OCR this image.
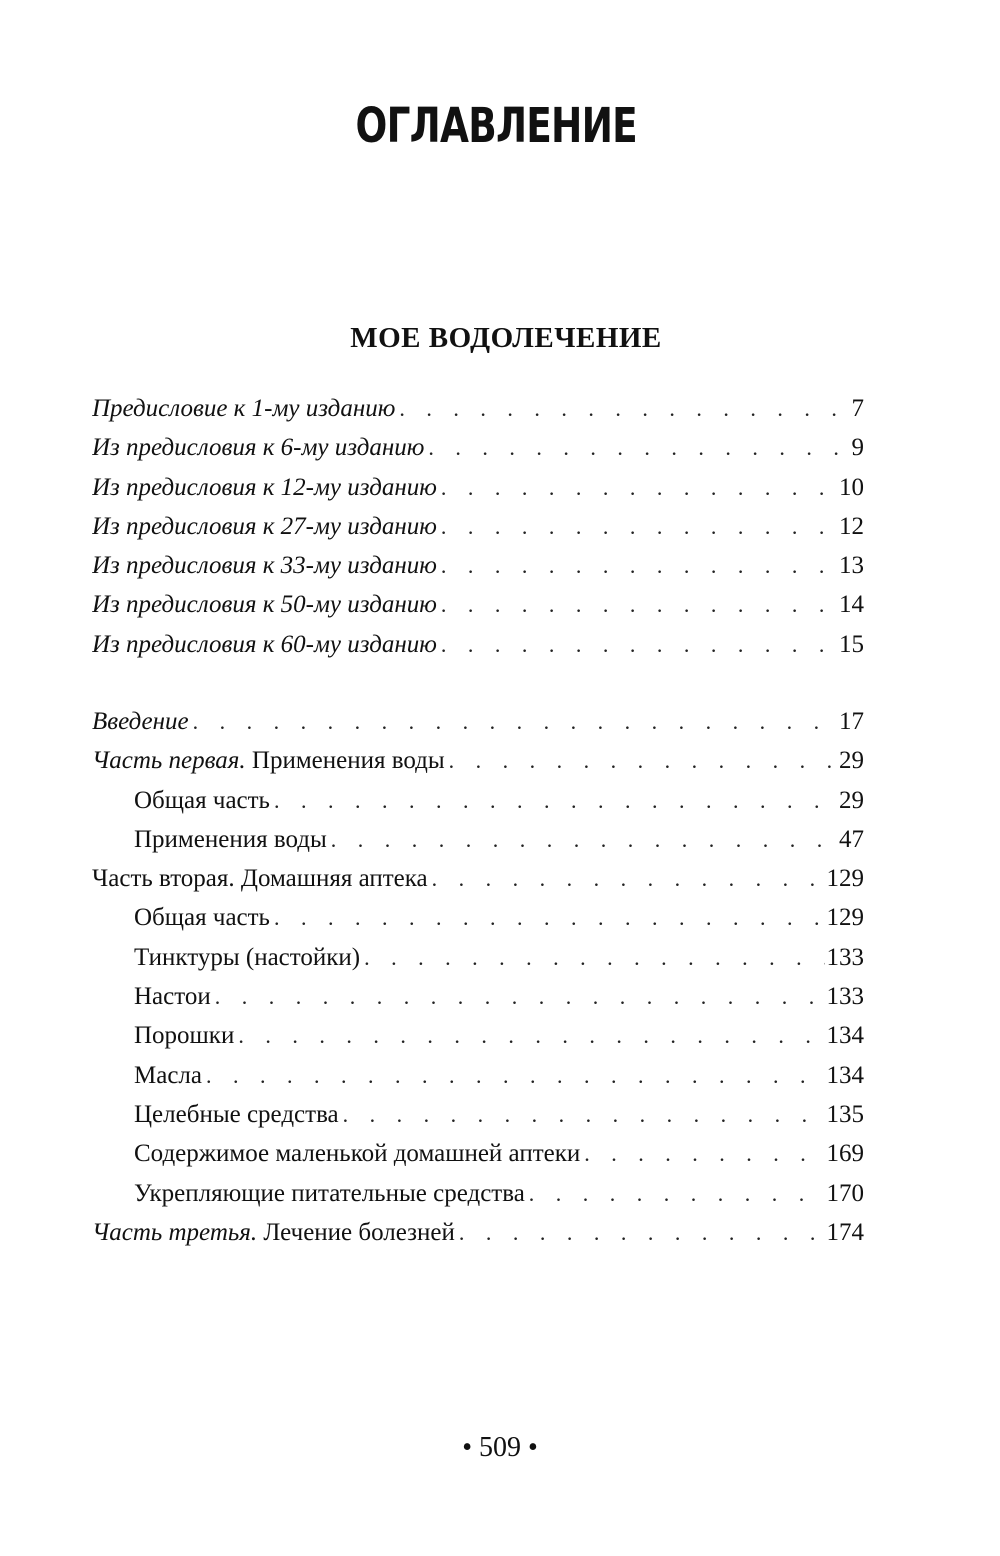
ОГЛАВЛЕНИЕ
МОЕ ВОДОЛЕЧЕНИЕ
Предисловие к 1-му изданию . . .	7
Из предисловия к 6-му изданию . . .	9
Из предисловия к 12-му изданию . . .	10
Из предисловия к 27-му изданию . . .	12
Из предисловия к 33-му изданию . . .	13
Из предисловия к 50-му изданию . . .	14
Из предисловия к 60-му изданию . . .	15
Введение . . .	17
Часть первая. Применения воды . . .	29
Общая часть . . .	29
Применения воды . . .	47
Часть вторая. Домашняя аптека . . .	129
Общая часть . . .	129
Тинктуры (настойки) . . .	133
Настои . . .	133
Порошки . . .	134
Масла . . .	134
Целебные средства . . .	135
Содержимое маленькой домашней аптеки . . .	169
Укрепляющие питательные средства . . .	170
Часть третья. Лечение болезней . . .	174

• 509 •
